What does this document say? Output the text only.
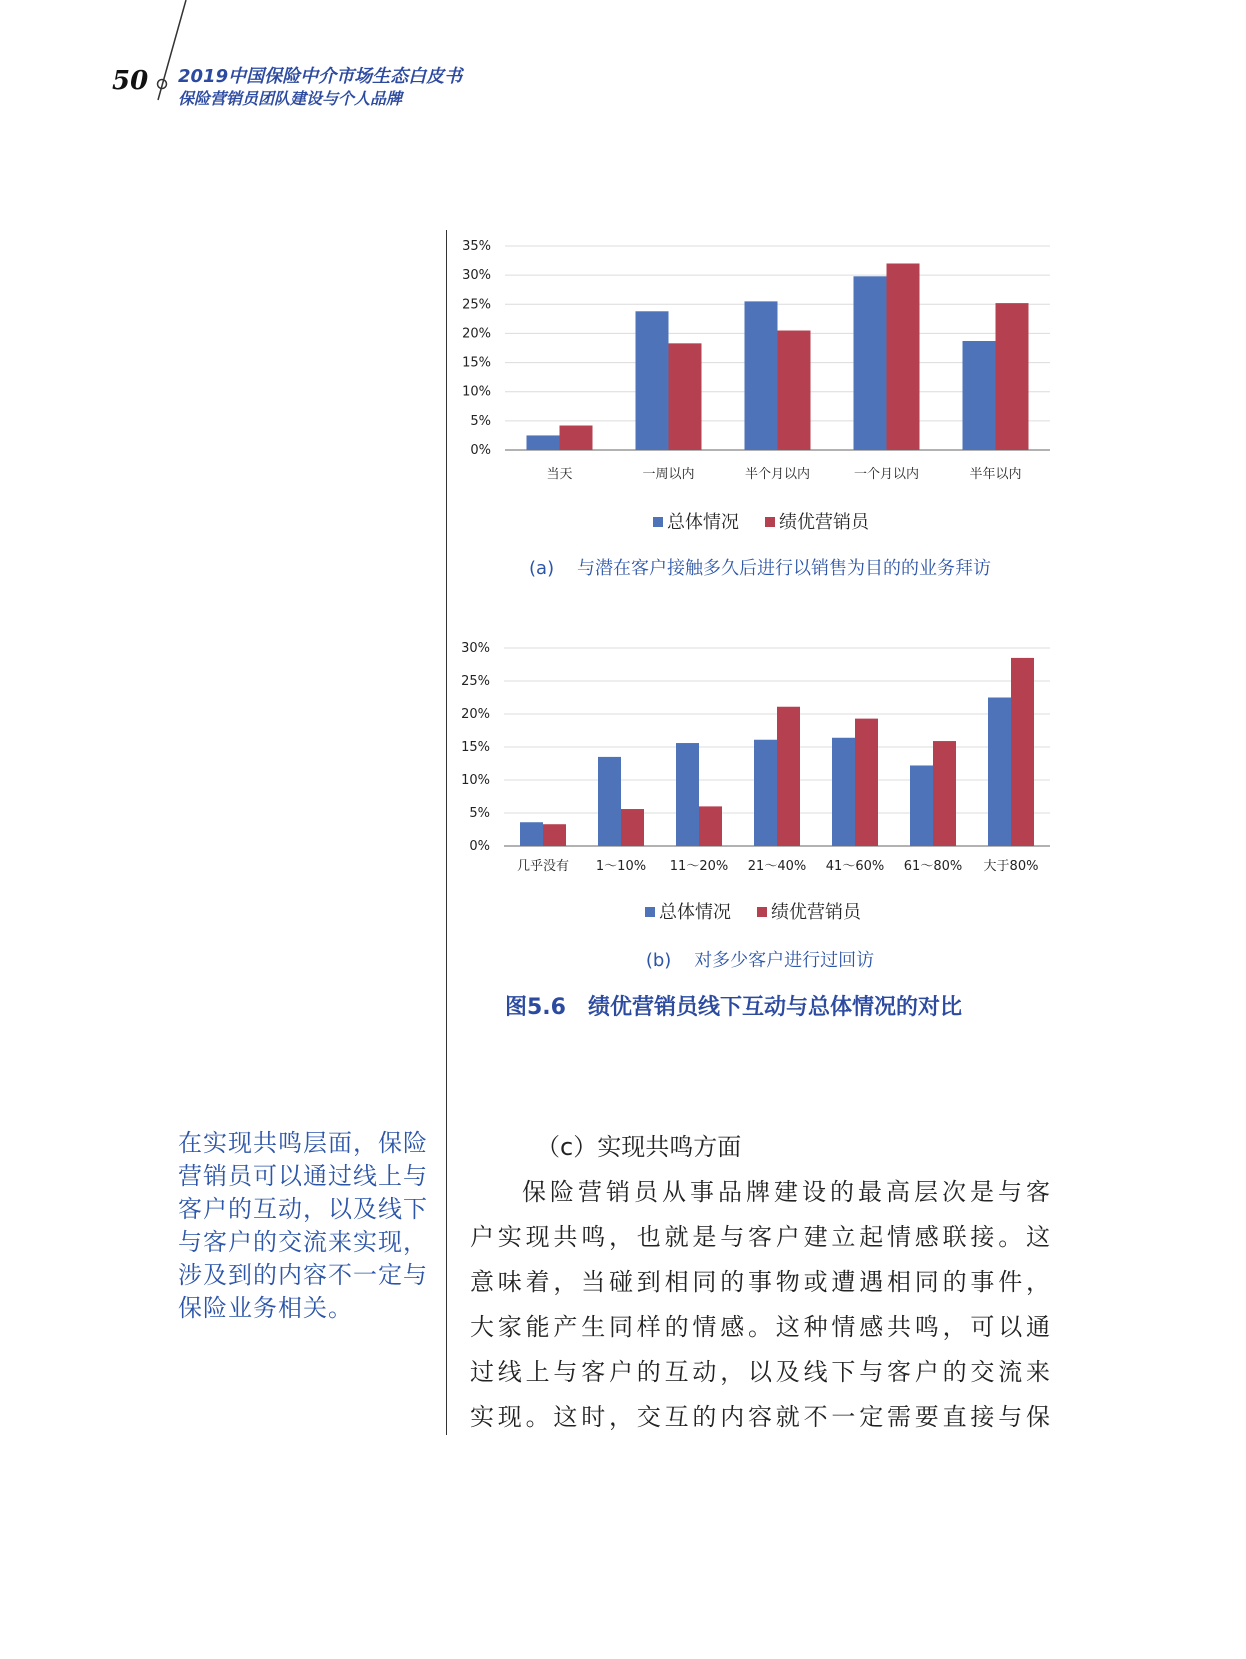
50 2019中国保险中介市场生态白皮书
保险营销员团队建设与个人品牌
0%
5%
10%
15%
20%
25%
30%
35%
当天	一周以内	半个月以内	一个月以内	半年以内
总体情况 绩优营销员
(a) 与潜在客户接触多久后进行以销售为目的的业务拜访
0%
5%
10%
15%
20%
25%
30%
几乎没有 1～10% 11～20% 21～40% 41～60% 61～80% 大于80%
总体情况 绩优营销员
(b) 对多少客户进行过回访
图5.6　绩优营销员线下互动与总体情况的对比
在实现共鸣层面，保险营销员可以通过线上与客户的互动，以及线下与客户的交流来实现，涉及到的内容不一定与保险业务相关。
（c）实现共鸣方面
保险营销员从事品牌建设的最高层次是与客
户实现共鸣，也就是与客户建立起情感联接。这
意味着，当碰到相同的事物或遭遇相同的事件，
大家能产生同样的情感。这种情感共鸣，可以通
过线上与客户的互动，以及线下与客户的交流来
实现。这时，交互的内容就不一定需要直接与保
